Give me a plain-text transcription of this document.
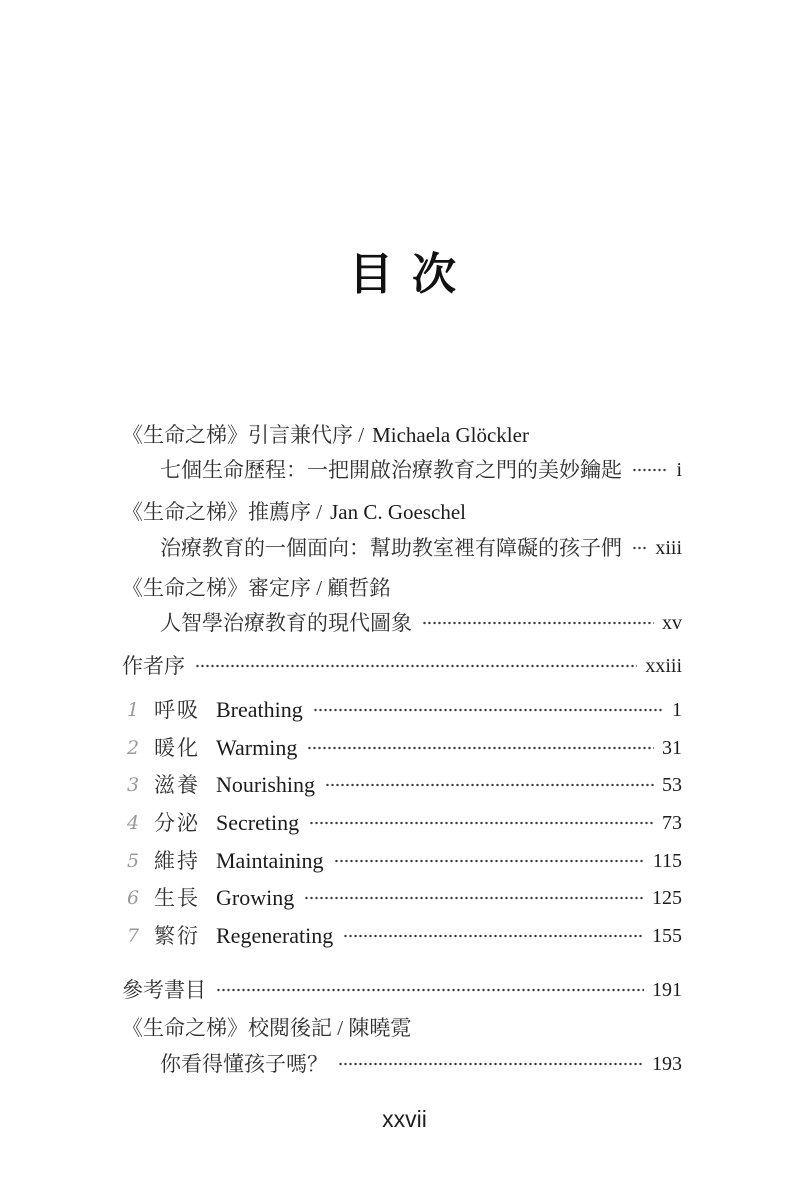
目 次
《生命之梯》引言兼代序 / Michaela Glöckler
七個生命歷程：一把開啟治療教育之門的美妙鑰匙	i
《生命之梯》推薦序 / Jan C. Goeschel
治療教育的一個面向：幫助教室裡有障礙的孩子們 xiii
《生命之梯》審定序 / 顧哲銘
人智學治療教育的現代圖象	xv
作者序	xxiii
1 呼吸 Breathing	1
2 暖化 Warming	31
3 滋養 Nourishing	53
4 分泌 Secreting	73
5 維持 Maintaining	115
6 生長 Growing	125
7 繁衍 Regenerating	155
參考書目	191
《生命之梯》校閱後記 / 陳曉霓
你看得懂孩子嗎？	193
xxvii
